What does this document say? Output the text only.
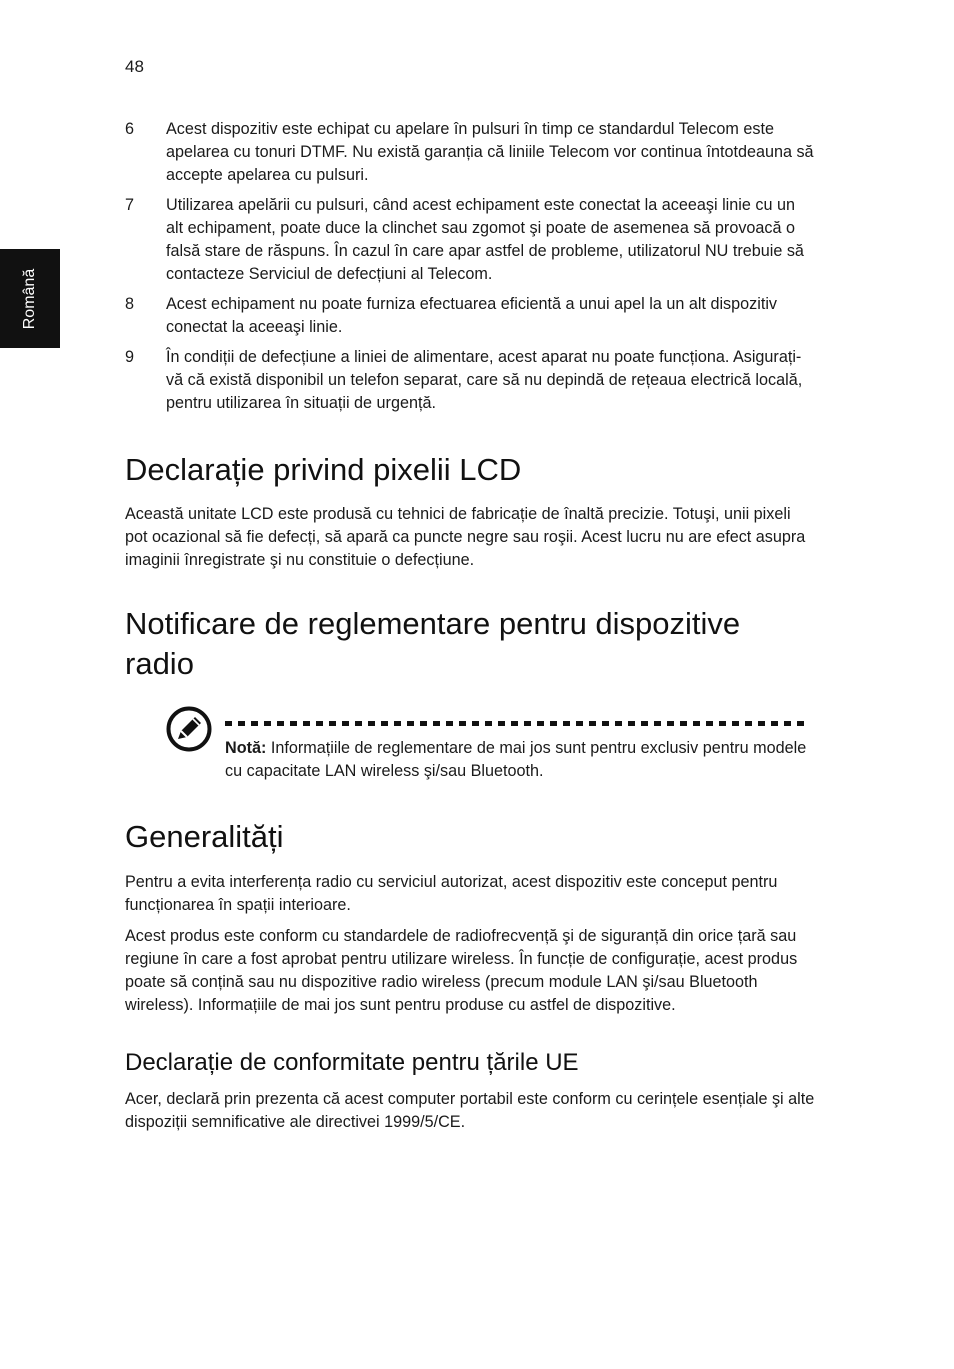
48
Română
6	Acest dispozitiv este echipat cu apelare în pulsuri în timp ce standardul Telecom este apelarea cu tonuri DTMF. Nu există garanția că liniile Telecom vor continua întotdeauna să accepte apelarea cu pulsuri.
7	Utilizarea apelării cu pulsuri, când acest echipament este conectat la aceeaşi linie cu un alt echipament, poate duce la clinchet sau zgomot şi poate de asemenea să provoacă o falsă stare de răspuns. În cazul în care apar astfel de probleme, utilizatorul NU trebuie să contacteze Serviciul de defecțiuni al Telecom.
8	Acest echipament nu poate furniza efectuarea eficientă a unui apel la un alt dispozitiv conectat la aceeaşi linie.
9	În condiții de defecțiune a liniei de alimentare, acest aparat nu poate funcționa. Asigurați-vă că există disponibil un telefon separat, care să nu depindă de rețeaua electrică locală, pentru utilizarea în situații de urgență.
Declarație privind pixelii LCD

Această unitate LCD este produsă cu tehnici de fabricație de înaltă precizie. Totuşi, unii pixeli pot ocazional să fie defecți, să apară ca puncte negre sau roşii. Acest lucru nu are efect asupra imaginii înregistrate şi nu constituie o defecțiune.

Notificare de reglementare pentru dispozitive radio
Notă: Informațiile de reglementare de mai jos sunt pentru exclusiv pentru modele cu capacitate LAN wireless şi/sau Bluetooth.
Generalități

Pentru a evita interferența radio cu serviciul autorizat, acest dispozitiv este conceput pentru funcționarea în spații interioare.

Acest produs este conform cu standardele de radiofrecvență şi de siguranță din orice țară sau regiune în care a fost aprobat pentru utilizare wireless. În funcție de configurație, acest produs poate să conțină sau nu dispozitive radio wireless (precum module LAN şi/sau Bluetooth wireless). Informațiile de mai jos sunt pentru produse cu astfel de dispozitive.

Declarație de conformitate pentru țările UE

Acer, declară prin prezenta că acest computer portabil este conform cu cerințele esențiale şi alte dispoziții semnificative ale directivei 1999/5/CE.
